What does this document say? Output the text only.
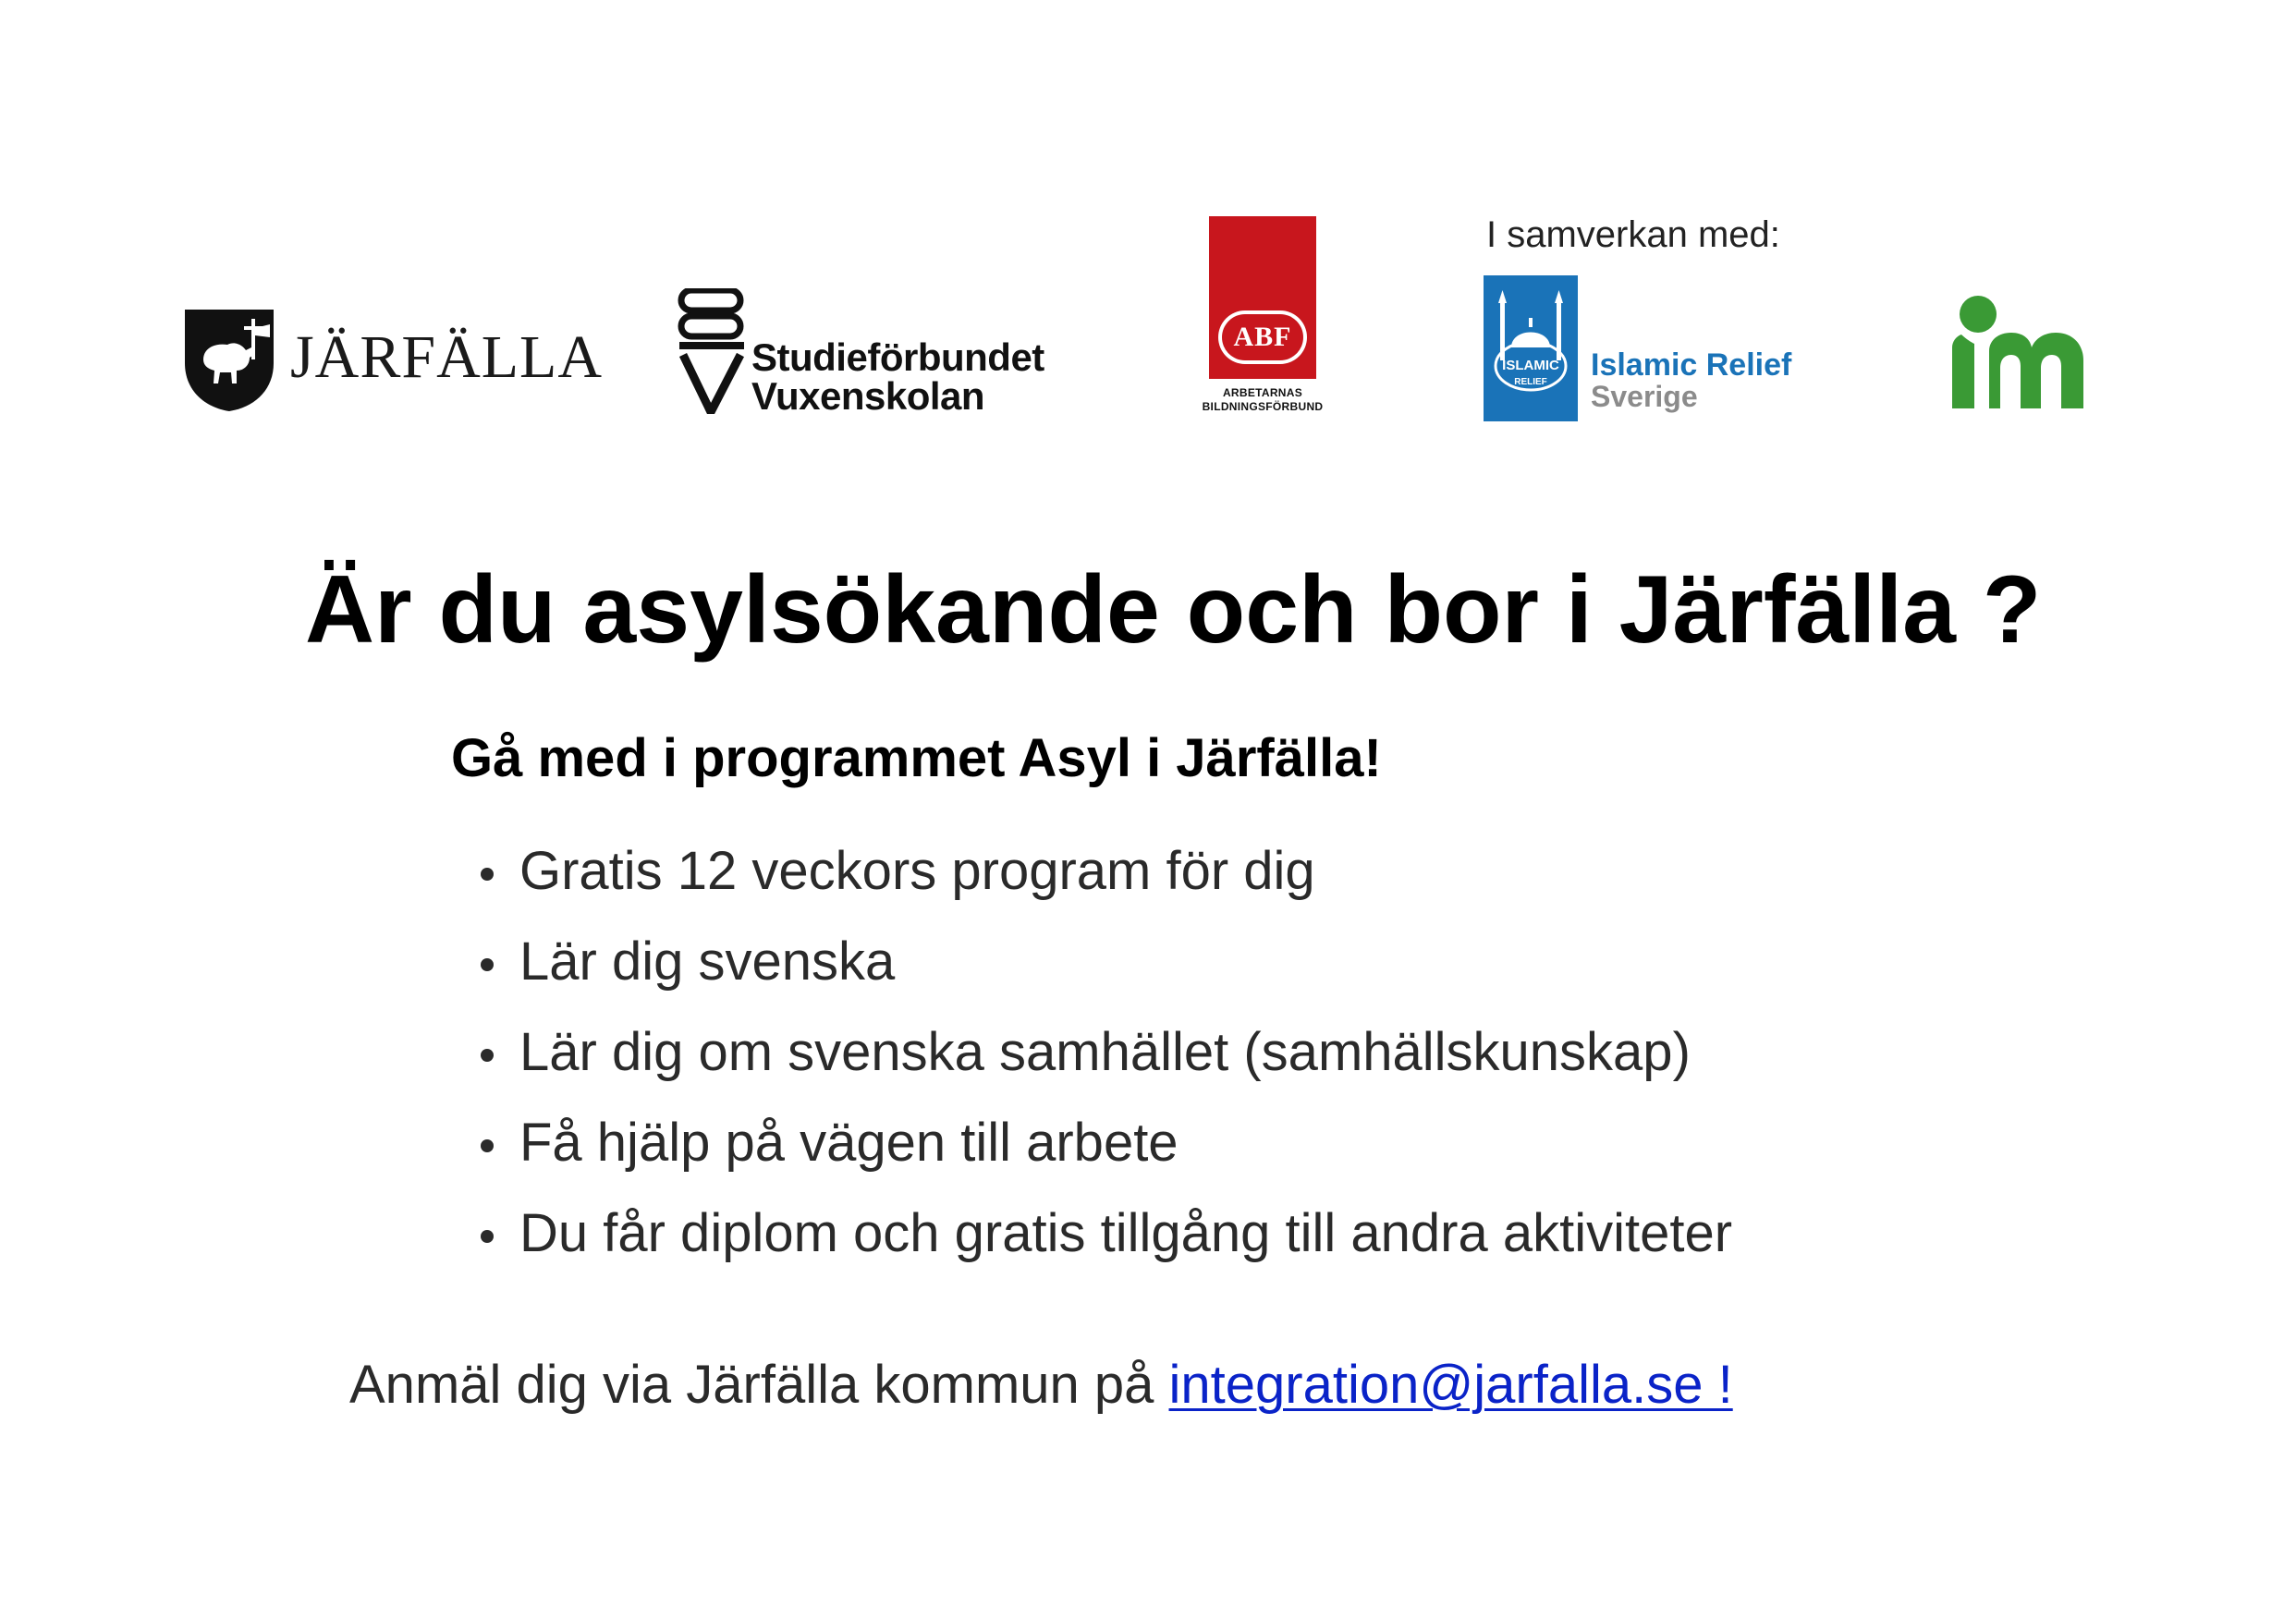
JÄRFÄLLA	Studieförbundet
Vuxenskolan
ABF
ARBETARNAS
BILDNINGSFÖRBUND
I samverkan med:
ISLAMIC
RELIEF Islamic Relief
Sverige
Är du asylsökande och bor i Järfälla ?
Gå med i programmet Asyl i Järfälla!
Gratis 12 veckors program för dig
Lär dig svenska
Lär dig om svenska samhället (samhällskunskap)
Få hjälp på vägen till arbete
Du får diplom och gratis tillgång till andra aktiviteter
Anmäl dig via Järfälla kommun på integration@jarfalla.se !
